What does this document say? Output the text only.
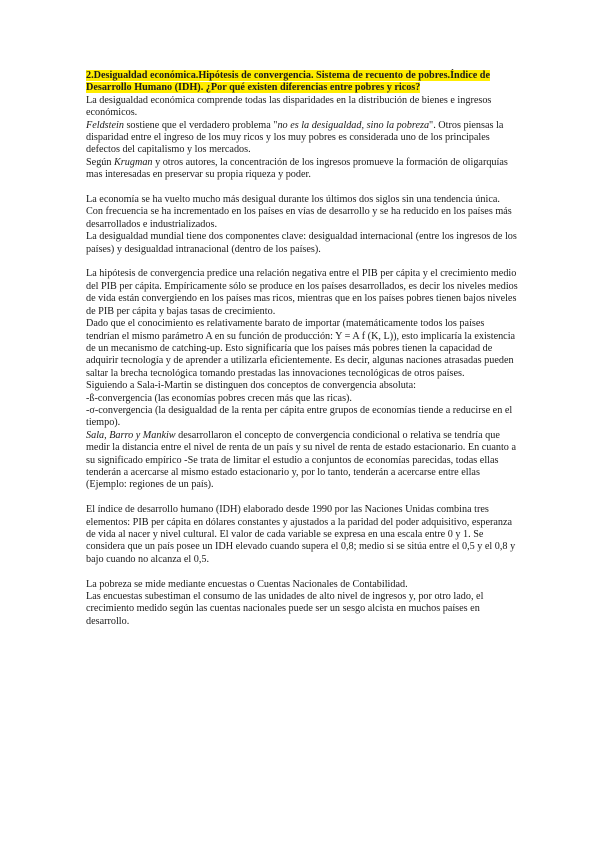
2.Desigualdad económica.Hipótesis de convergencia. Sistema de recuento de pobres.Índice de Desarrollo Humano (IDH). ¿Por qué existen diferencias entre pobres y ricos?

La desigualdad económica comprende todas las disparidades en la distribución de bienes e ingresos económicos.

Feldstein sostiene que el verdadero problema "no es la desigualdad, sino la pobreza". Otros piensas la disparidad entre el ingreso de los muy ricos y los muy pobres es considerada uno de los principales defectos del capitalismo y los mercados.

Según Krugman y otros autores, la concentración de los ingresos promueve la formación de oligarquías mas interesadas en preservar su propia riqueza y poder.

La economía se ha vuelto mucho más desigual durante los últimos dos siglos sin una tendencia única. Con frecuencia se ha incrementado en los países en vías de desarrollo y se ha reducido en los países más desarrollados e industrializados.

La desigualdad mundial tiene dos componentes clave: desigualdad internacional (entre los ingresos de los países) y desigualdad intranacional (dentro de los países).

La hipótesis de convergencia predice una relación negativa entre el PIB per cápita y el crecimiento medio del PIB per cápita. Empíricamente sólo se produce en los países desarrollados, es decir los niveles medios de vida están convergiendo en los países mas ricos, mientras que en los países pobres tienen bajos niveles de PIB per cápita y bajas tasas de crecimiento.

Dado que el conocimiento es relativamente barato de importar (matemáticamente todos los países tendrían el mismo parámetro A en su función de producción: Y = A f (K, L)), esto implicaría la existencia de un mecanismo de catching-up. Esto significaría que los países más pobres tienen la capacidad de adquirir tecnología y de aprender a utilizarla eficientemente. Es decir, algunas naciones atrasadas pueden saltar la brecha tecnológica tomando prestadas las innovaciones tecnológicas de otros países.

Siguiendo a Sala-i-Martin se distinguen dos conceptos de convergencia absoluta:

-ß-convergencia (las economías pobres crecen más que las ricas).

-σ-convergencia (la desigualdad de la renta per cápita entre grupos de economías tiende a reducirse en el tiempo).

Sala, Barro y Mankiw desarrollaron el concepto de convergencia condicional o relativa se tendría que medir la distancia entre el nivel de renta de un país y su nivel de renta de estado estacionario. En cuanto a su significado empírico -Se trata de limitar el estudio a conjuntos de economías parecidas, todas ellas tenderán a acercarse al mismo estado estacionario y, por lo tanto, tenderán a acercarse entre ellas (Ejemplo: regiones de un país).

El índice de desarrollo humano (IDH) elaborado desde 1990 por las Naciones Unidas combina tres elementos: PIB per cápita en dólares constantes y ajustados a la paridad del poder adquisitivo, esperanza de vida al nacer y nivel cultural. El valor de cada variable se expresa en una escala entre 0 y 1. Se considera que un país posee un IDH elevado cuando supera el 0,8; medio si se sitúa entre el 0,5 y el 0,8 y bajo cuando no alcanza el 0,5.

La pobreza se mide mediante encuestas o Cuentas Nacionales de Contabilidad.

Las encuestas subestiman el consumo de las unidades de alto nivel de ingresos y, por otro lado, el crecimiento medido según las cuentas nacionales puede ser un sesgo alcista en muchos países en desarrollo.
